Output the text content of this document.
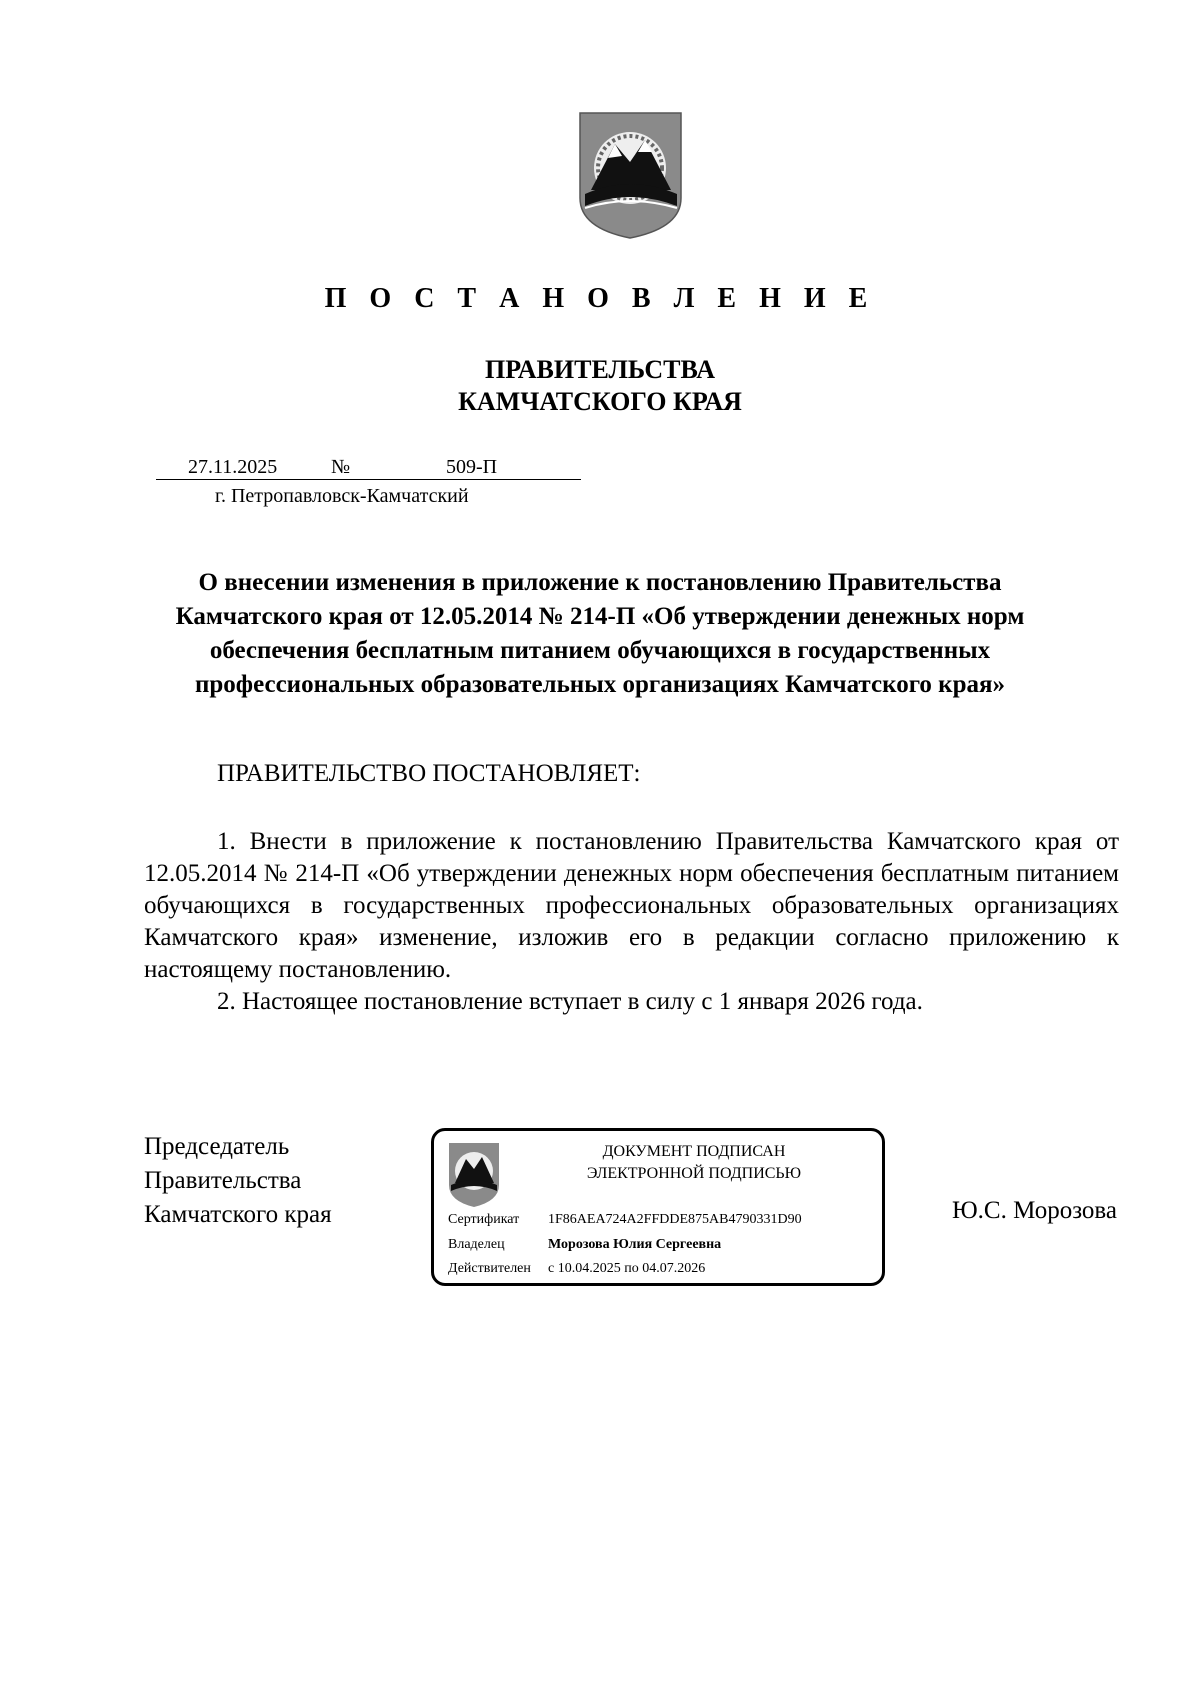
П О С Т А Н О В Л Е Н И Е
ПРАВИТЕЛЬСТВА
КАМЧАТСКОГО КРАЯ
27.11.2025	№	509-П
г. Петропавловск-Камчатский
О внесении изменения в приложение к постановлению Правительства Камчатского края от 12.05.2014 № 214-П «Об утверждении денежных норм обеспечения бесплатным питанием обучающихся в государственных профессиональных образовательных организациях Камчатского края»
ПРАВИТЕЛЬСТВО ПОСТАНОВЛЯЕТ:

1. Внести в приложение к постановлению Правительства Камчатского края от 12.05.2014 № 214-П «Об утверждении денежных норм обеспечения бесплатным питанием обучающихся в государственных профессиональных образовательных организациях Камчатского края» изменение, изложив его в редакции согласно приложению к настоящему постановлению.

2. Настоящее постановление вступает в силу с 1 января 2026 года.

Председатель
Правительства
Камчатского края
ДОКУМЕНТ ПОДПИСАН
ЭЛЕКТРОННОЙ ПОДПИСЬЮ
Сертификат 1F86AEA724A2FFDDE875AB4790331D90
Владелец	Морозова Юлия Сергеевна
Действителен с 10.04.2025 по 04.07.2026
Ю.С. Морозова
